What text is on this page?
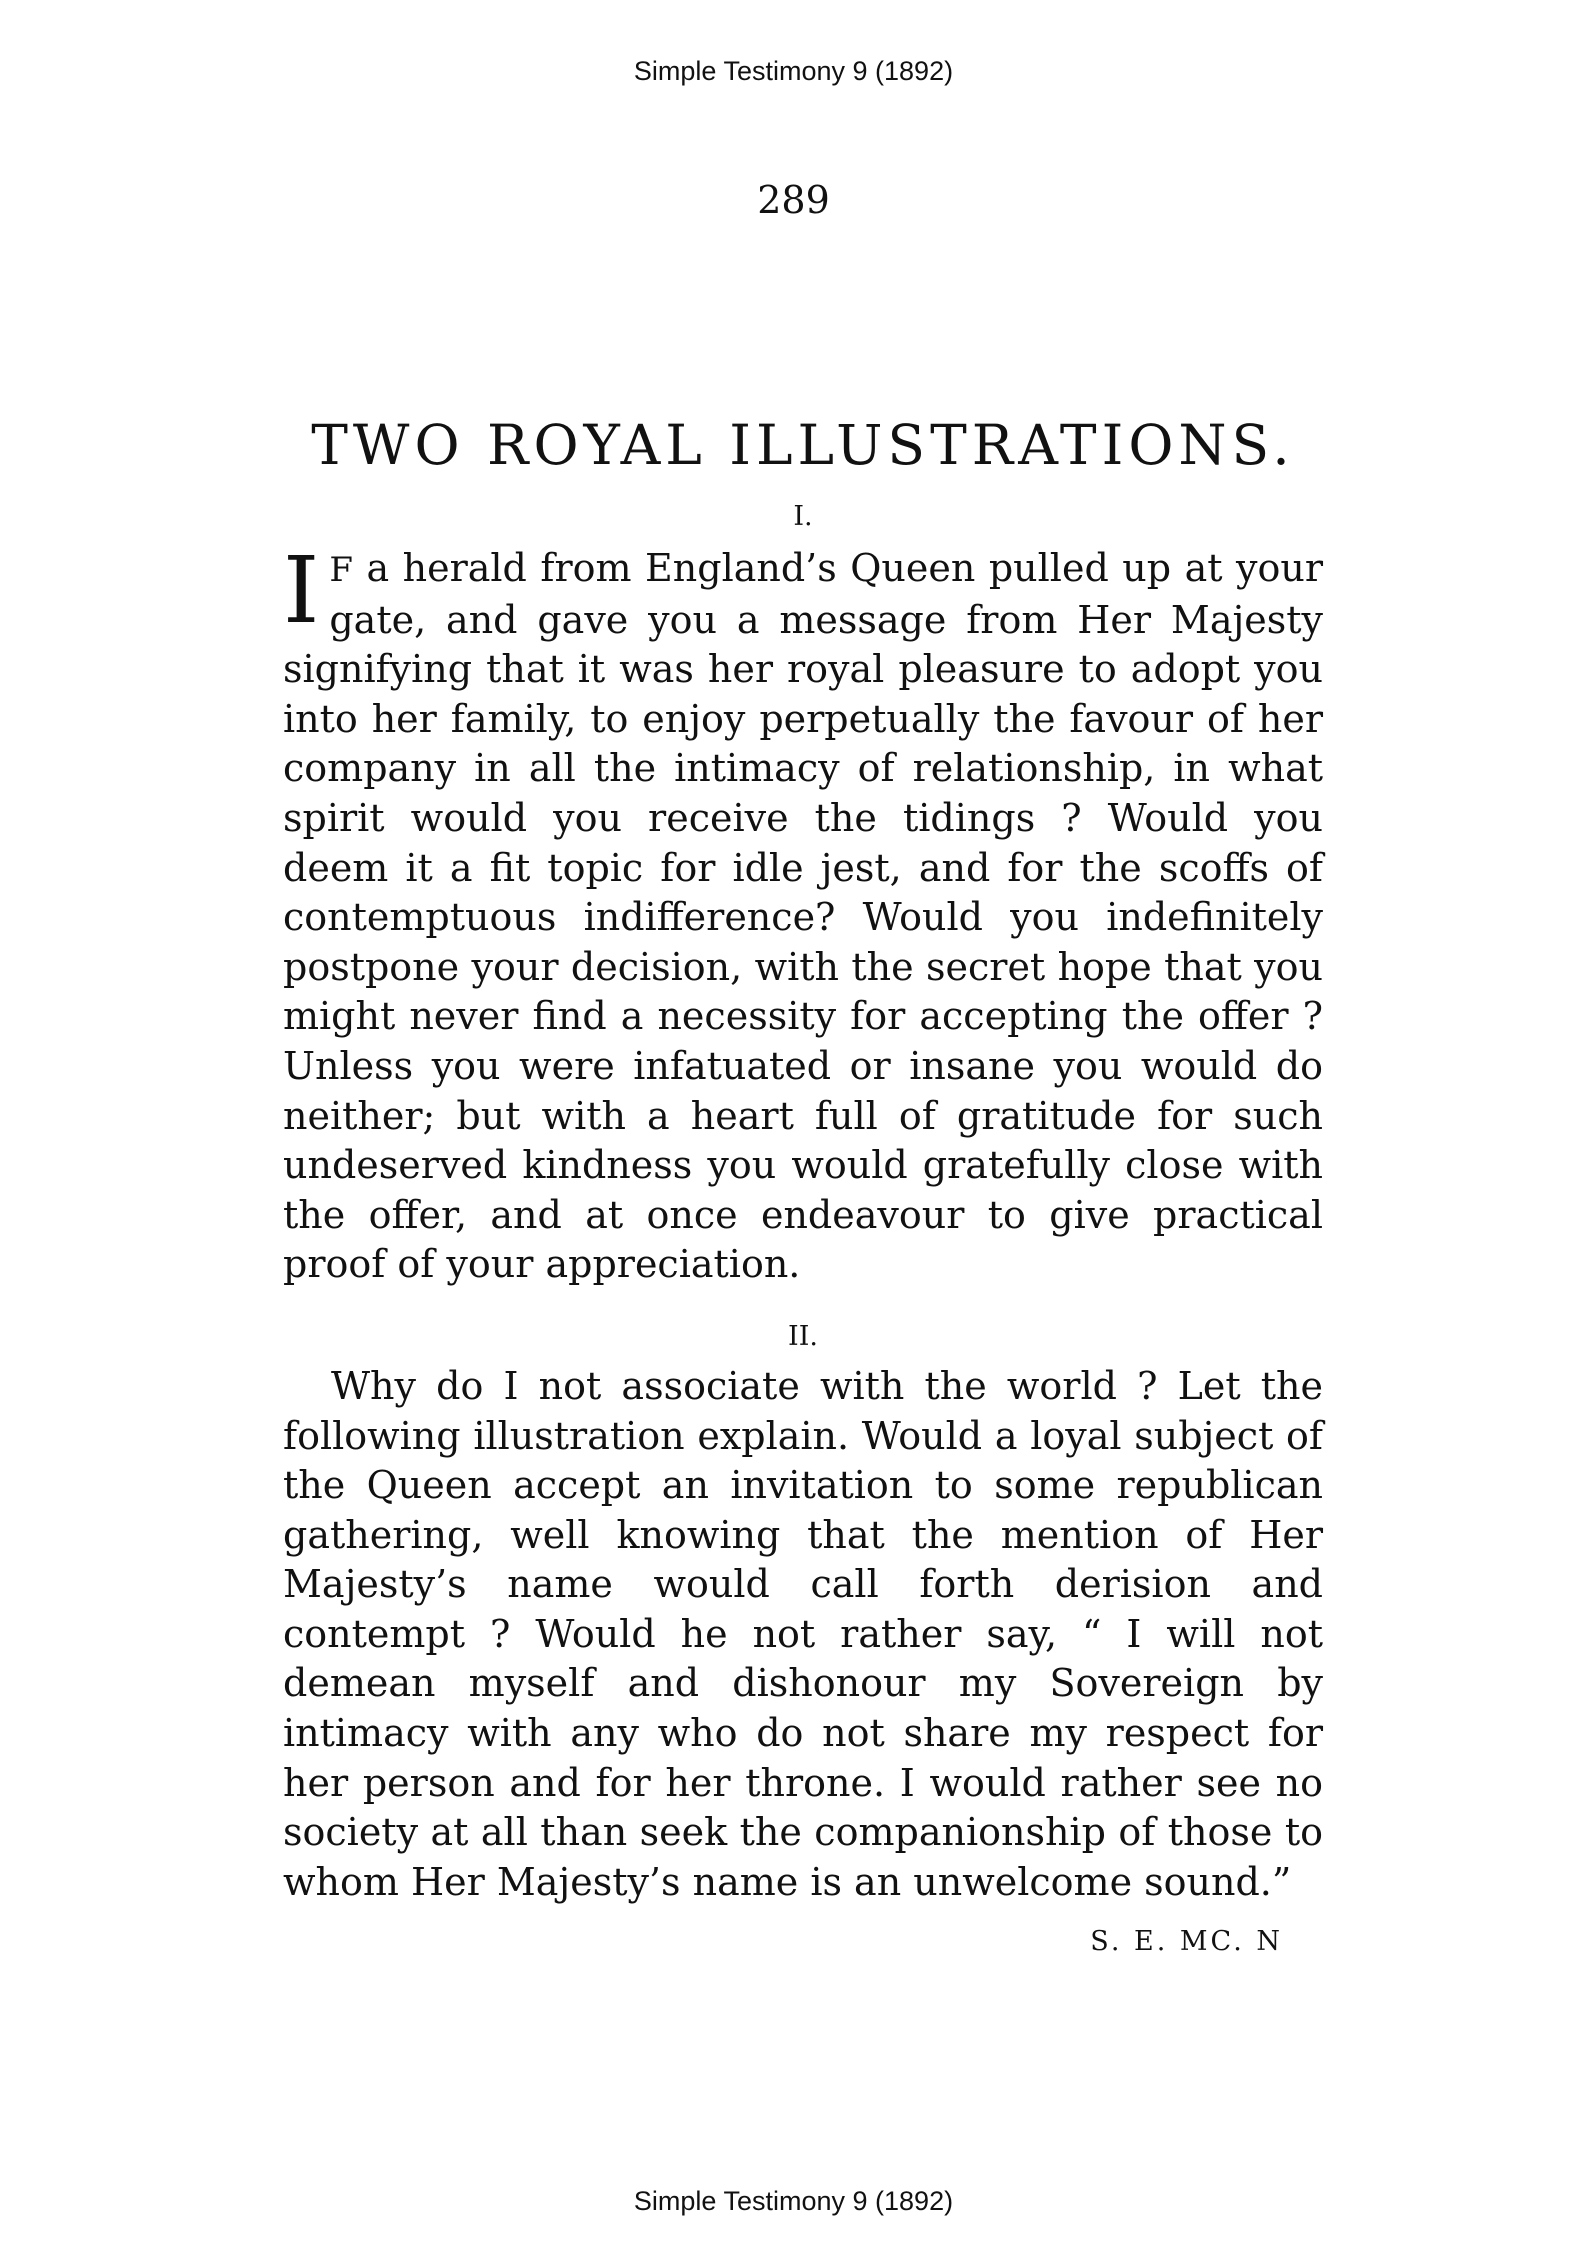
Simple Testimony 9 (1892)
289
TWO ROYAL ILLUSTRATIONS.

I.

I F a herald from England’s Queen pulled up at your gate, and gave you a message from Her Majesty signifying that it was her royal pleasure to adopt you into her family, to enjoy perpetually the favour of her company in all the intimacy of relationship, in what spirit would you receive the tidings ? Would you deem it a fit topic for idle jest, and for the scoffs of contemptuous indifference? Would you indefinitely postpone your decision, with the secret hope that you might never find a necessity for accepting the offer ? Unless you were infatuated or insane you would do neither; but with a heart full of gratitude for such undeserved kindness you would gratefully close with the offer, and at once endeavour to give practical proof of your appreciation.

II.

Why do I not associate with the world ? Let the following illustration explain. Would a loyal subject of the Queen accept an invitation to some republican gathering, well knowing that the mention of Her Majesty’s name would call forth derision and contempt ? Would he not rather say, “ I will not demean myself and dishonour my Sovereign by intimacy with any who do not share my respect for her person and for her throne. I would rather see no society at all than seek the companionship of those to whom Her Majesty’s name is an unwelcome sound.”
S. E. MC. N

Simple Testimony 9 (1892)
